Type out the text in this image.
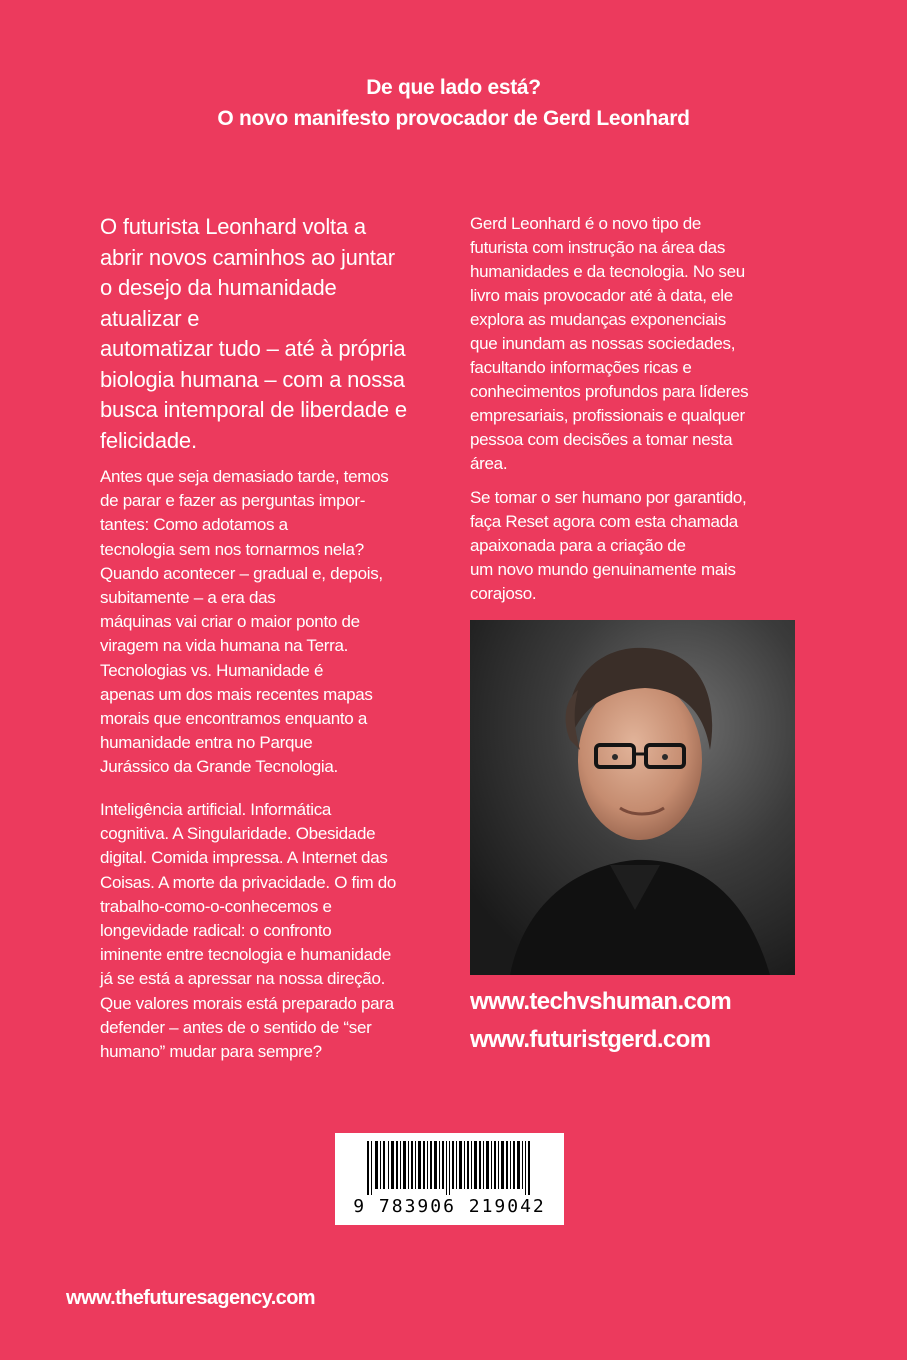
De que lado está?
O novo manifesto provocador de Gerd Leonhard
O futurista Leonhard volta a
abrir novos caminhos ao juntar
o desejo da humanidade
atualizar e
automatizar tudo – até à própria
biologia humana – com a nossa
busca intemporal de liberdade e
felicidade.
Antes que seja demasiado tarde, temos
de parar e fazer as perguntas impor-
tantes: Como adotamos a
tecnologia sem nos tornarmos nela?
Quando acontecer – gradual e, depois,
subitamente – a era das
máquinas vai criar o maior ponto de
viragem na vida humana na Terra.
Tecnologias vs. Humanidade é
apenas um dos mais recentes mapas
morais que encontramos enquanto a
humanidade entra no Parque
Jurássico da Grande Tecnologia.
Inteligência artificial. Informática
cognitiva. A Singularidade. Obesidade
digital. Comida impressa. A Internet das
Coisas. A morte da privacidade. O fim do
trabalho-como-o-conhecemos e
longevidade radical: o confronto
iminente entre tecnologia e humanidade
já se está a apressar na nossa direção.
Que valores morais está preparado para
defender – antes de o sentido de “ser
humano” mudar para sempre?
Gerd Leonhard é o novo tipo de
futurista com instrução na área das
humanidades e da tecnologia. No seu
livro mais provocador até à data, ele
explora as mudanças exponenciais
que inundam as nossas sociedades,
facultando informações ricas e
conhecimentos profundos para líderes
empresariais, profissionais e qualquer
pessoa com decisões a tomar nesta
área.
Se tomar o ser humano por garantido,
faça Reset agora com esta chamada
apaixonada para a criação de
um novo mundo genuinamente mais
corajoso.
www.techvshuman.com
www.futuristgerd.com
9 783906 219042
www.thefuturesagency.com
